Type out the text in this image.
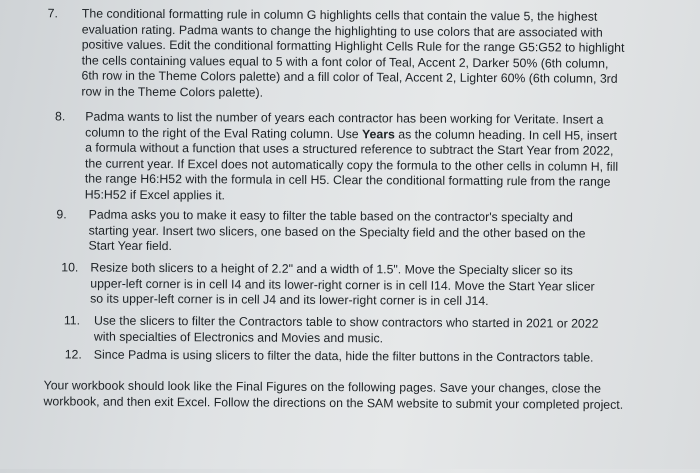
7. The conditional formatting rule in column G highlights cells that contain the value 5, the highest evaluation rating. Padma wants to change the highlighting to use colors that are associated with positive values. Edit the conditional formatting Highlight Cells Rule for the range G5:G52 to highlight the cells containing values equal to 5 with a font color of Teal, Accent 2, Darker 50% (6th column, 6th row in the Theme Colors palette) and a fill color of Teal, Accent 2, Lighter 60% (6th column, 3rd row in the Theme Colors palette).
8. Padma wants to list the number of years each contractor has been working for Veritate. Insert a column to the right of the Eval Rating column. Use Years as the column heading. In cell H5, insert a formula without a function that uses a structured reference to subtract the Start Year from 2022, the current year. If Excel does not automatically copy the formula to the other cells in column H, fill the range H6:H52 with the formula in cell H5. Clear the conditional formatting rule from the range H5:H52 if Excel applies it.
9. Padma asks you to make it easy to filter the table based on the contractor's specialty and starting year. Insert two slicers, one based on the Specialty field and the other based on the Start Year field.
10. Resize both slicers to a height of 2.2" and a width of 1.5". Move the Specialty slicer so its upper-left corner is in cell I4 and its lower-right corner is in cell I14. Move the Start Year slicer so its upper-left corner is in cell J4 and its lower-right corner is in cell J14.
11. Use the slicers to filter the Contractors table to show contractors who started in 2021 or 2022 with specialties of Electronics and Movies and music.
12. Since Padma is using slicers to filter the data, hide the filter buttons in the Contractors table.
Your workbook should look like the Final Figures on the following pages. Save your changes, close the workbook, and then exit Excel. Follow the directions on the SAM website to submit your completed project.
